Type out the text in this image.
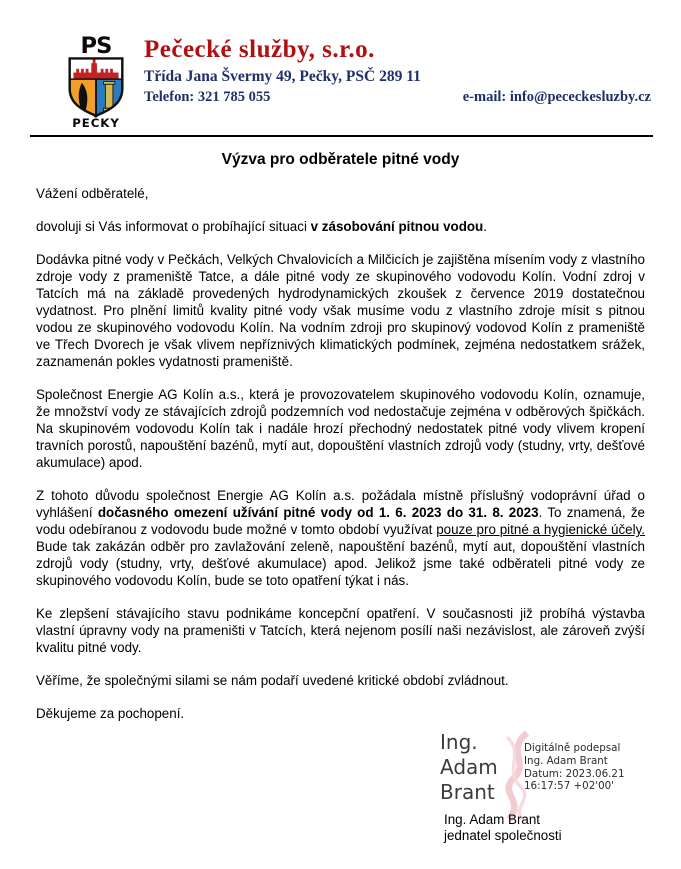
PS
PEČKY
Pečecké služby, s.r.o.
Třída Jana Švermy 49, Pečky, PSČ 289 11
Telefon: 321 785 055	e-mail: info@pececkesluzby.cz
Výzva pro odběratele pitné vody

Vážení odběratelé,

dovoluji si Vás informovat o probíhající situaci v zásobování pitnou vodou.

Dodávka pitné vody v Pečkách, Velkých Chvalovicích a Milčicích je zajištěna mísením vody z vlastního zdroje vody z prameniště Tatce, a dále pitné vody ze skupinového vodovodu Kolín. Vodní zdroj v Tatcích má na základě provedených hydrodynamických zkoušek z července 2019 dostatečnou vydatnost. Pro plnění limitů kvality pitné vody však musíme vodu z vlastního zdroje mísit s pitnou vodou ze skupinového vodovodu Kolín. Na vodním zdroji pro skupinový vodovod Kolín z prameniště ve Třech Dvorech je však vlivem nepříznivých klimatických podmínek, zejména nedostatkem srážek, zaznamenán pokles vydatnosti prameniště.

Společnost Energie AG Kolín a.s., která je provozovatelem skupinového vodovodu Kolín, oznamuje, že množství vody ze stávajících zdrojů podzemních vod nedostačuje zejména v odběrových špičkách. Na skupinovém vodovodu Kolín tak i nadále hrozí přechodný nedostatek pitné vody vlivem kropení travních porostů, napouštění bazénů, mytí aut, dopouštění vlastních zdrojů vody (studny, vrty, dešťové akumulace) apod.

Z tohoto důvodu společnost Energie AG Kolín a.s. požádala místně příslušný vodoprávní úřad o vyhlášení dočasného omezení užívání pitné vody od 1. 6. 2023 do 31. 8. 2023. To znamená, že vodu odebíranou z vodovodu bude možné v tomto období využívat pouze pro pitné a hygienické účely. Bude tak zakázán odběr pro zavlažování zeleně, napouštění bazénů, mytí aut, dopouštění vlastních zdrojů vody (studny, vrty, dešťové akumulace) apod. Jelikož jsme také odběrateli pitné vody ze skupinového vodovodu Kolín, bude se toto opatření týkat i nás.

Ke zlepšení stávajícího stavu podnikáme koncepční opatření. V současnosti již probíhá výstavba vlastní úpravny vody na prameništi v Tatcích, která nejenom posílí naši nezávislost, ale zároveň zvýší kvalitu pitné vody.

Věříme, že společnými silami se nám podaří uvedené kritické období zvládnout.

Děkujeme za pochopení.

Ing.
Adam
Brant
Digitálně podepsal
Ing. Adam Brant
Datum: 2023.06.21
16:17:57 +02'00'
Ing. Adam Brant
jednatel společnosti
